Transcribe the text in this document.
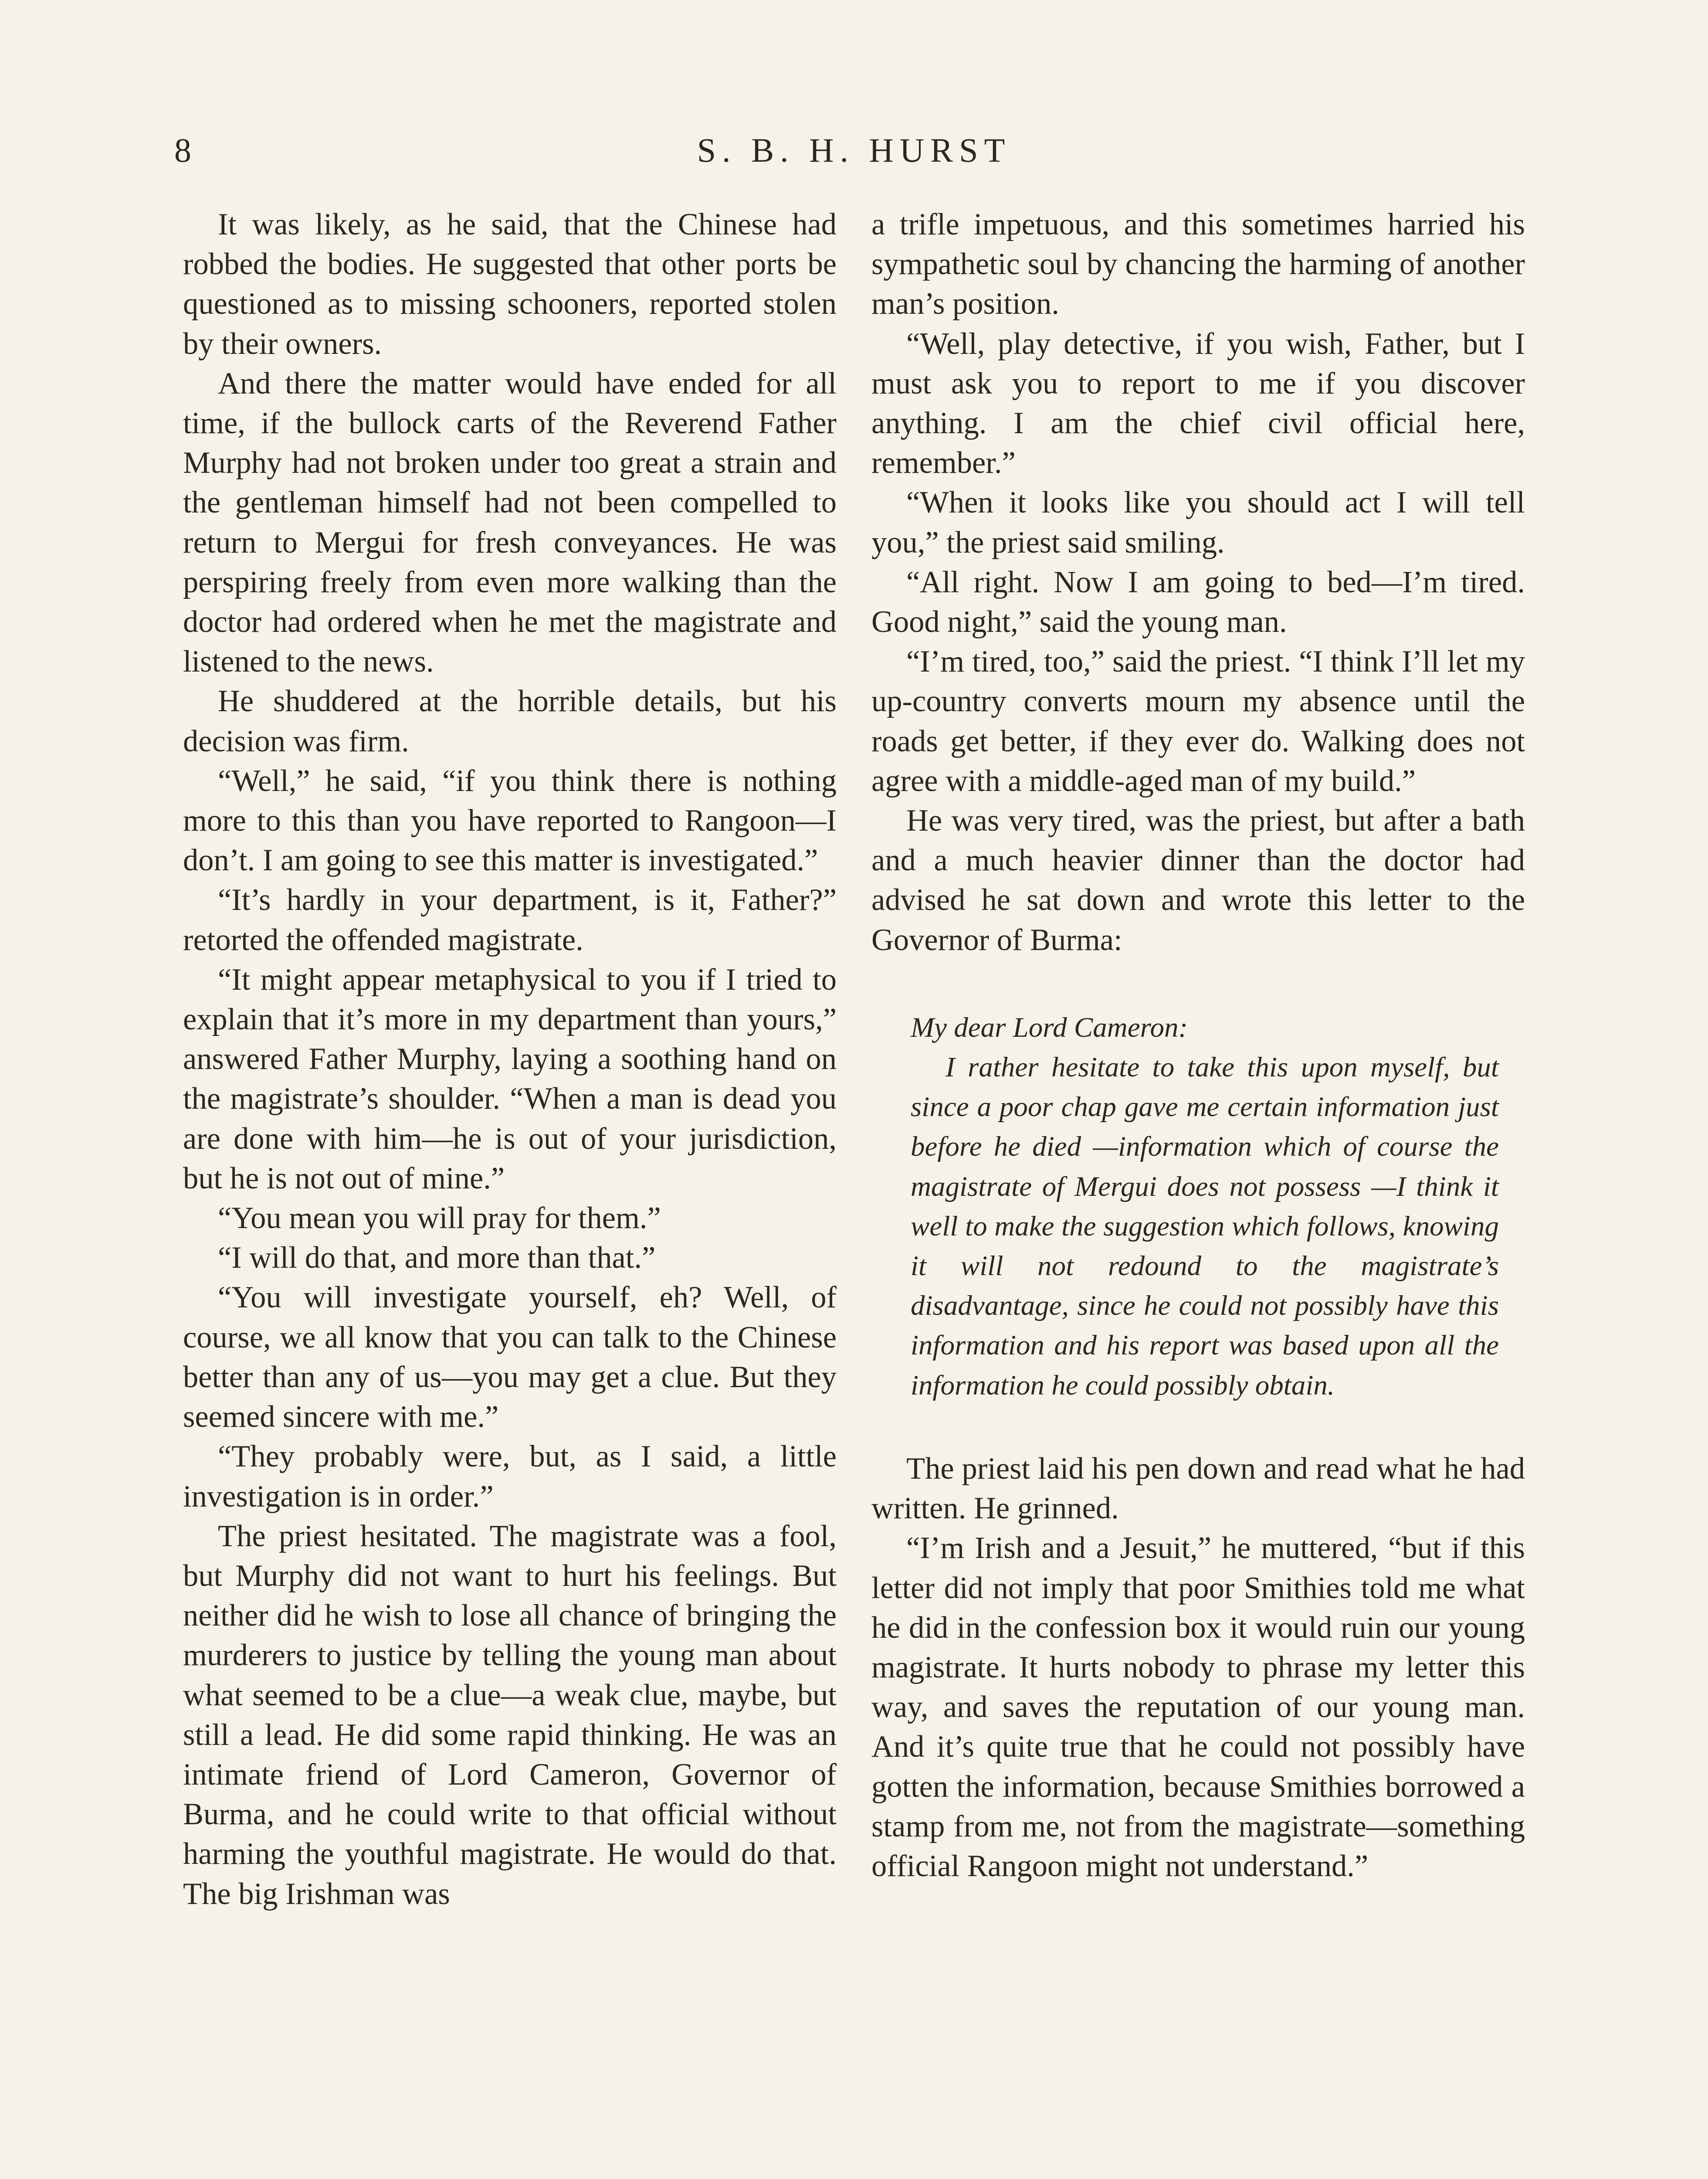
8	S. B. H. HURST

It was likely, as he said, that the Chinese had robbed the bodies. He suggested that other ports be questioned as to missing schooners, reported stolen by their owners.

And there the matter would have ended for all time, if the bullock carts of the Reverend Father Murphy had not broken under too great a strain and the gentleman himself had not been compelled to return to Mergui for fresh conveyances. He was perspiring freely from even more walking than the doctor had ordered when he met the magistrate and listened to the news.

He shuddered at the horrible details, but his decision was firm.

“Well,” he said, “if you think there is nothing more to this than you have reported to Rangoon—I don’t. I am going to see this matter is investigated.”

“It’s hardly in your department, is it, Father?” retorted the offended magistrate.

“It might appear metaphysical to you if I tried to explain that it’s more in my department than yours,” answered Father Murphy, laying a soothing hand on the magistrate’s shoulder. “When a man is dead you are done with him—he is out of your jurisdiction, but he is not out of mine.”

“You mean you will pray for them.”

“I will do that, and more than that.”

“You will investigate yourself, eh? Well, of course, we all know that you can talk to the Chinese better than any of us—you may get a clue. But they seemed sincere with me.”

“They probably were, but, as I said, a little investigation is in order.”

The priest hesitated. The magistrate was a fool, but Murphy did not want to hurt his feelings. But neither did he wish to lose all chance of bringing the murderers to justice by telling the young man about what seemed to be a clue—a weak clue, maybe, but still a lead. He did some rapid thinking. He was an intimate friend of Lord Cameron, Governor of Burma, and he could write to that official without harming the youthful magistrate. He would do that. The big Irishman was

a trifle impetuous, and this sometimes harried his sympathetic soul by chancing the harming of another man’s position.

“Well, play detective, if you wish, Father, but I must ask you to report to me if you discover anything. I am the chief civil official here, remember.”

“When it looks like you should act I will tell you,” the priest said smiling.

“All right. Now I am going to bed—I’m tired. Good night,” said the young man.

“I’m tired, too,” said the priest. “I think I’ll let my up-country converts mourn my absence until the roads get better, if they ever do. Walking does not agree with a middle-aged man of my build.”

He was very tired, was the priest, but after a bath and a much heavier dinner than the doctor had advised he sat down and wrote this letter to the Governor of Burma:

My dear Lord Cameron:

I rather hesitate to take this upon myself, but since a poor chap gave me certain information just before he died —information which of course the magistrate of Mergui does not possess —I think it well to make the suggestion which follows, knowing it will not redound to the magistrate’s disadvantage, since he could not possibly have this information and his report was based upon all the information he could possibly obtain.

The priest laid his pen down and read what he had written. He grinned.

“I’m Irish and a Jesuit,” he muttered, “but if this letter did not imply that poor Smithies told me what he did in the confession box it would ruin our young magistrate. It hurts nobody to phrase my letter this way, and saves the reputation of our young man. And it’s quite true that he could not possibly have gotten the information, because Smithies borrowed a stamp from me, not from the magistrate—something official Rangoon might not understand.”
